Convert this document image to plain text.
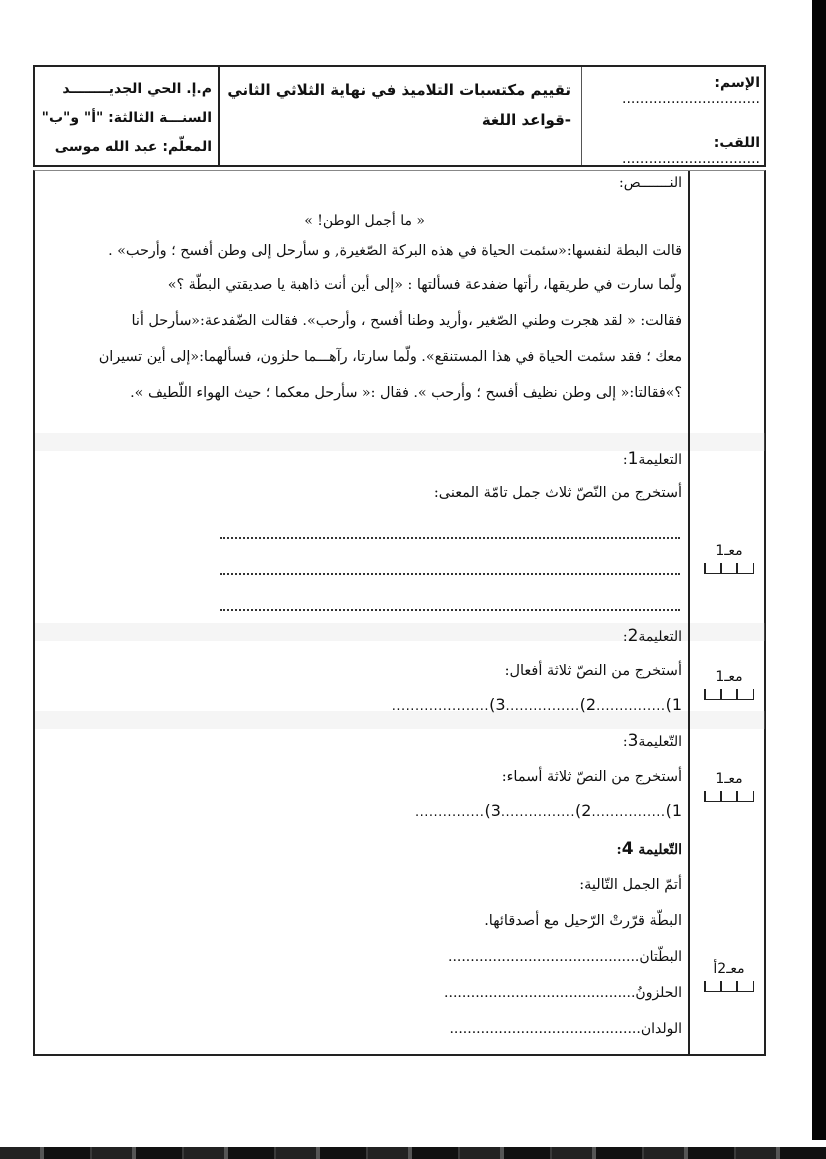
م.إ. الحي الجديــــــــد
السنـــة الثالثة: "أ" و"ب"
المعلّم: عبد الله موسى
تقييم مكتسبات التلاميذ في نهاية الثلاثي الثاني
-قواعد اللغة
الإسم: ...............................
اللقب: ...............................
معـ1
معـ1
معـ1
معـ2أ
النـــــــص:
« ما أجمل الوطن! »
قالت البطة لنفسها:«سئمت الحياة في هذه البركة الصّغيرة, و سأرحل إلى وطن أفسح ؛ وأرحب» .
ولّما سارت في طريقها، رأتها ضفدعة فسألتها : «إلى أين أنت ذاهبة يا صديقتي البطّة ؟»
فقالت: « لقد هجرت وطني الصّغير ،وأريد وطنا أفسح ، وأرحب». فقالت الضّفدعة:«سأرحل أنا
معك ؛ فقد سئمت الحياة في هذا المستنقع». ولّما سارتا، رآهـــما حلزون، فسألهما:«إلى أين تسيران
؟»فقالتا:« إلى وطن نظيف أفسح ؛ وأرحب ». فقال :« سأرحل معكما ؛ حيث الهواء اللّطيف ».
التعليمة1:
أستخرج من النّصّ ثلاث جمل تامّة المعنى:
التعليمة2:
أستخرج من النصّ ثلاثة أفعال:
1)...............2)................3).....................
التّعليمة3:
أستخرج من النصّ ثلاثة أسماء:
1)................2)................3)...............
التّعليمة 4:
أتمّ الجمل التّالية:
البطّة قرّرتْ الرّحيل مع أصدقائها.
البطّتان...........................................
الحلزونُ...........................................
الولدان...........................................
